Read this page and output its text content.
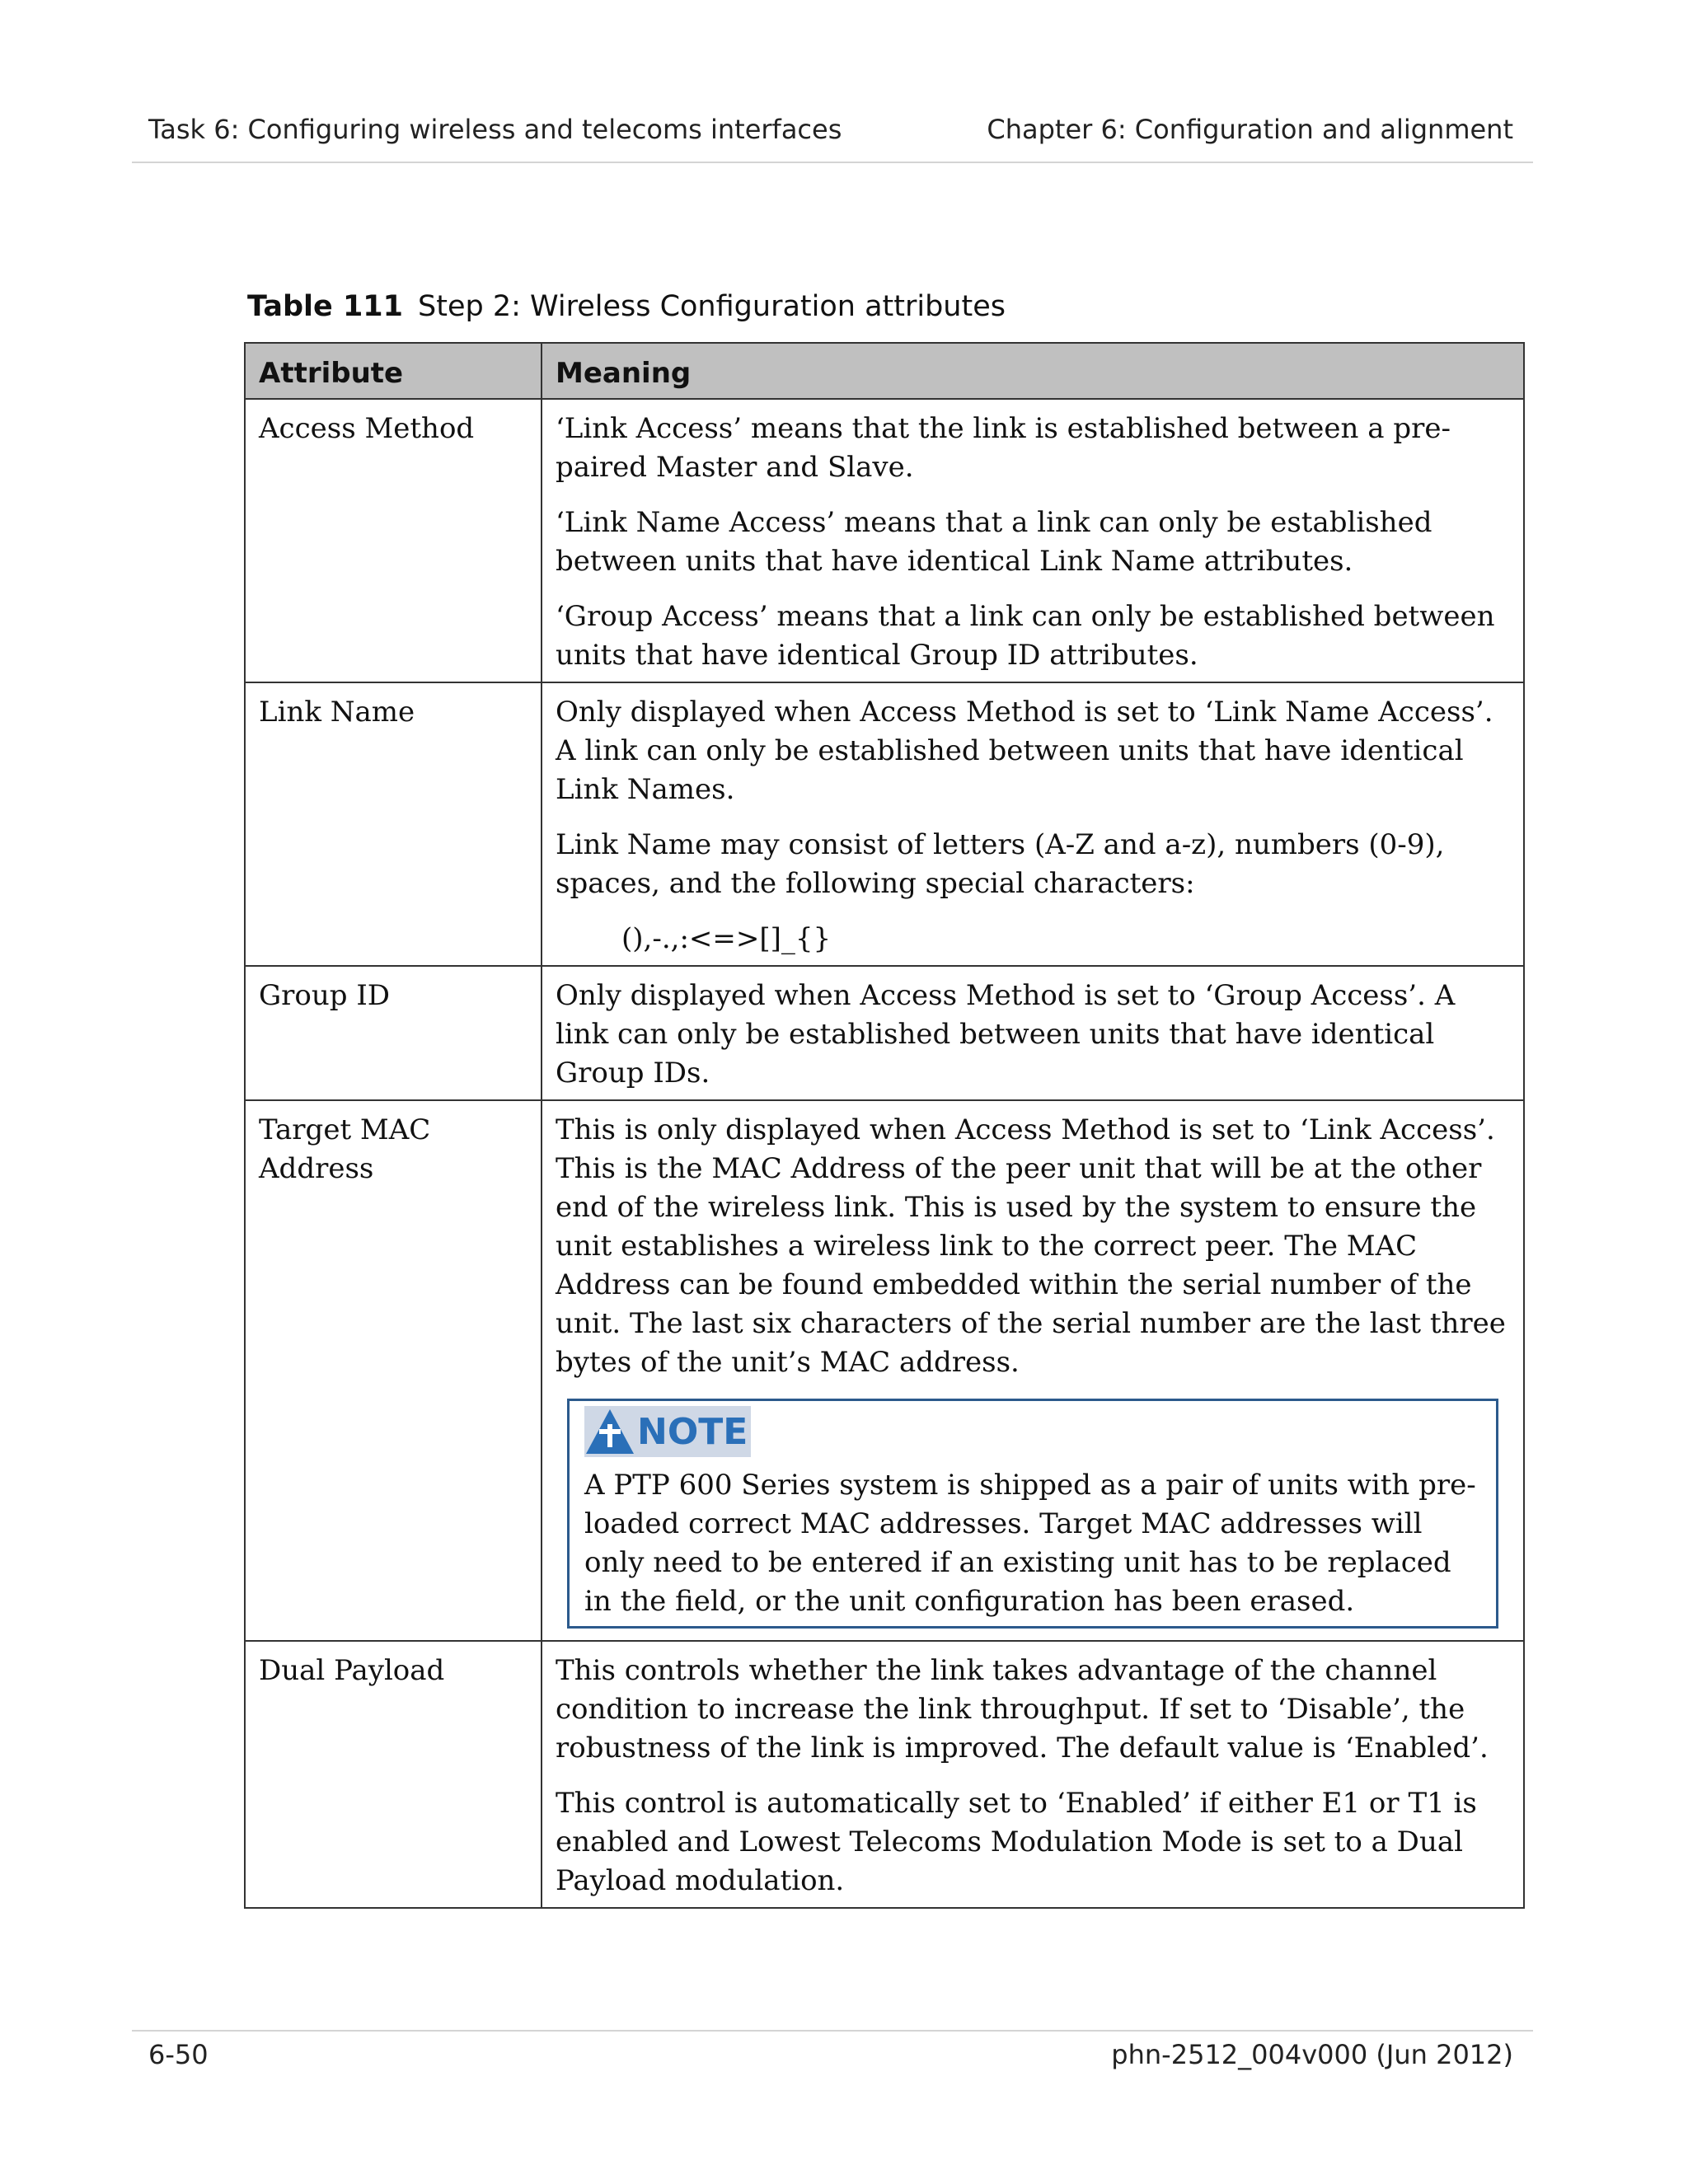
Task 6: Configuring wireless and telecoms interfaces	Chapter 6: Configuration and alignment
Table 111 Step 2: Wireless Configuration attributes
Attribute	Meaning
Access Method	‘Link Access’ means that the link is established between a pre-paired Master and Slave.

‘Link Name Access’ means that a link can only be established between units that have identical Link Name attributes.

‘Group Access’ means that a link can only be established between units that have identical Group ID attributes.

Link Name	Only displayed when Access Method is set to ‘Link Name Access’. A link can only be established between units that have identical Link Names.

Link Name may consist of letters (A-Z and a-z), numbers (0-9), spaces, and the following special characters:

(),-.,:<=>[]_{}

Group ID	Only displayed when Access Method is set to ‘Group Access’. A link can only be established between units that have identical Group IDs.

Target MAC Address	This is only displayed when Access Method is set to ‘Link Access’. This is the MAC Address of the peer unit that will be at the other end of the wireless link. This is used by the system to ensure the unit establishes a wireless link to the correct peer. The MAC Address can be found embedded within the serial number of the unit. The last six characters of the serial number are the last three bytes of the unit’s MAC address.

NOTE
A PTP 600 Series system is shipped as a pair of units with pre-loaded correct MAC addresses. Target MAC addresses will only need to be entered if an existing unit has to be replaced in the field, or the unit configuration has been erased.

Dual Payload	This controls whether the link takes advantage of the channel condition to increase the link throughput. If set to ‘Disable’, the robustness of the link is improved. The default value is ‘Enabled’.

This control is automatically set to ‘Enabled’ if either E1 or T1 is enabled and Lowest Telecoms Modulation Mode is set to a Dual Payload modulation.

6-50	phn-2512_004v000 (Jun 2012)
